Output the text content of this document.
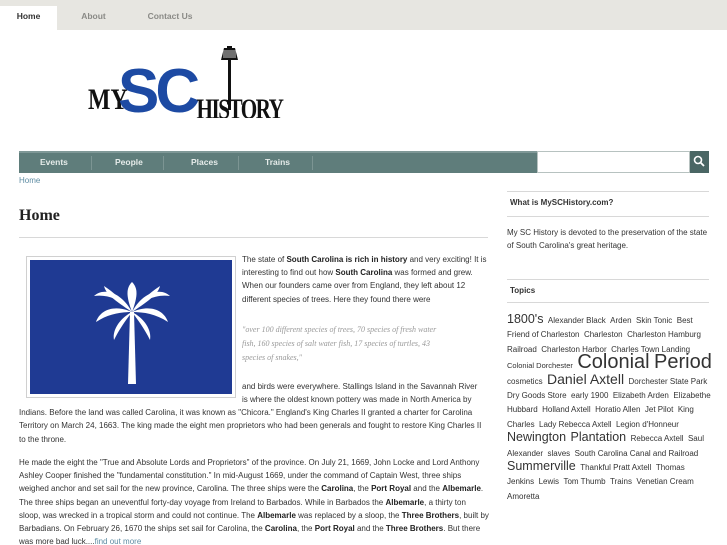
Home	About	Contact Us
MY
SC HISTORY
Events	People	Places	Trains
Home
Home

The state of South Carolina is rich in history and very exciting! It is interesting to find out how South Carolina was formed and grew. When our founders came over from England, they left about 12 different species of trees. Here they found there were

"over 100 different species of trees, 70 species of fresh water fish, 160 species of salt water fish, 17 species of turtles, 43 species of snakes,"

and birds were everywhere. Stallings Island in the Savannah River

is where the oldest known pottery was made in North America by Indians. Before the land was called Carolina, it was known as "Chicora." England's King Charles II granted a charter for Carolina Territory on March 24, 1663. The king made the eight men proprietors who had been generals and fought to restore King Charles II to the throne.

He made the eight the "True and Absolute Lords and Proprietors" of the province. On July 21, 1669, John Locke and Lord Anthony Ashley Cooper finished the "fundamental constitution." In mid-August 1669, under the command of Captain West, three ships weighed anchor and set sail for the new province, Carolina. The three ships were the Carolina, the Port Royal and the Albemarle. The three ships began an uneventful forty-day voyage from Ireland to Barbados. While in Barbados the Albemarle, a thirty ton sloop, was wrecked in a tropical storm and could not continue. The Albemarle was replaced by a sloop, the Three Brothers, built by Barbadians. On February 26, 1670 the ships set sail for Carolina, the Carolina, the Port Royal and the Three Brothers. But there was more bad luck....find out more

What is MySCHistory.com?

My SC History is devoted to the preservation of the state of South Carolina's great heritage.

Topics
1800's Alexander Black Arden Skin Tonic Best Friend of Charleston Charleston Charleston Hamburg Railroad Charleston Harbor Charles Town Landing Colonial Dorchester Colonial Period cosmetics Daniel Axtell Dorchester State Park Dry Goods Store early 1900 Elizabeth Arden Elizabethe Hubbard Holland Axtell Horatio Allen Jet Pilot King Charles Lady Rebecca Axtell Legion d'Honneur Newington Plantation Rebecca Axtell Saul Alexander slaves South Carolina Canal and Railroad Summerville Thankful Pratt Axtell Thomas Jenkins Lewis Tom Thumb Trains Venetian Cream Amoretta
